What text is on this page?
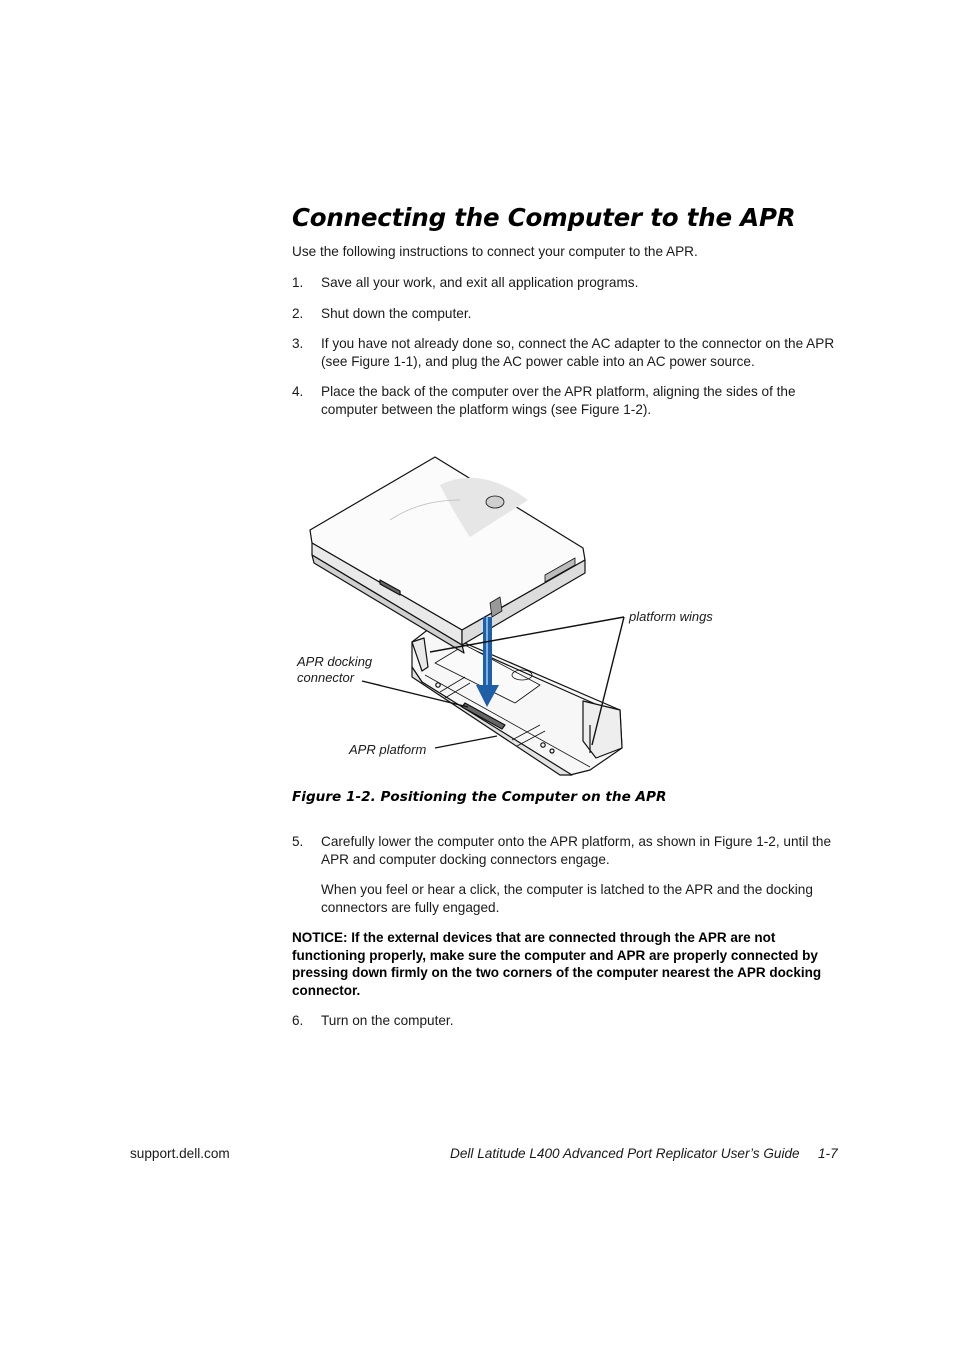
Connecting the Computer to the APR

Use the following instructions to connect your computer to the APR.

1. Save all your work, and exit all application programs.
2. Shut down the computer.
3. If you have not already done so, connect the AC adapter to the connector on the APR (see Figure 1-1), and plug the AC power cable into an AC power source.
4. Place the back of the computer over the APR platform, aligning the sides of the computer between the platform wings (see Figure 1-2).
platform wings
APR docking connector
APR platform
Figure 1-2. Positioning the Computer on the APR
5. Carefully lower the computer onto the APR platform, as shown in Figure 1-2, until the APR and computer docking connectors engage.
When you feel or hear a click, the computer is latched to the APR and the docking connectors are fully engaged.
NOTICE: If the external devices that are connected through the APR are not functioning properly, make sure the computer and APR are properly connected by pressing down firmly on the two corners of the computer nearest the APR docking connector.
6. Turn on the computer.
support.dell.com	Dell Latitude L400 Advanced Port Replicator User’s Guide 1-7
